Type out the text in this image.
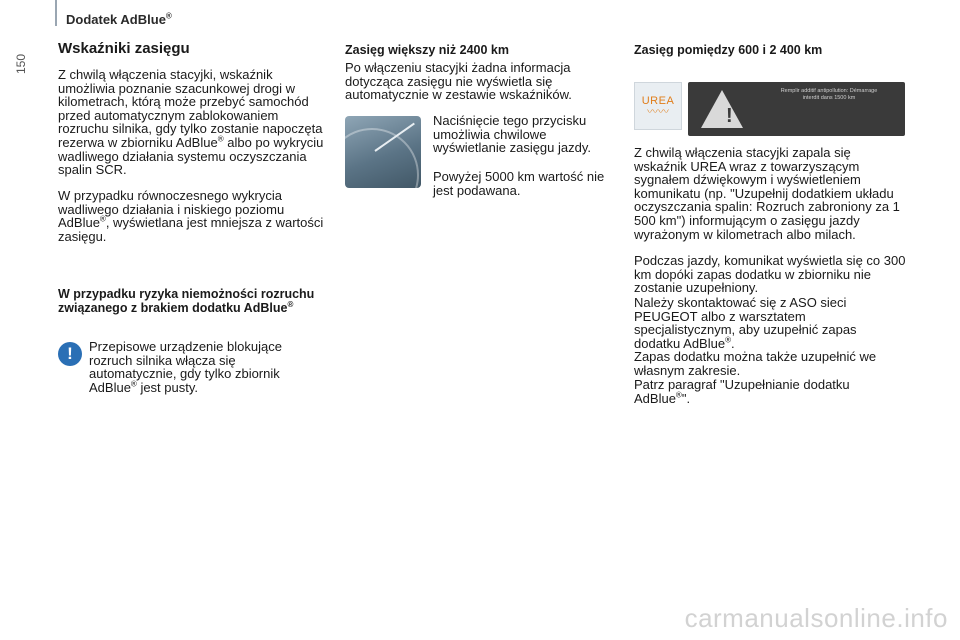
150
Dodatek AdBlue®
Wskaźniki zasięgu

Z chwilą włączenia stacyjki, wskaźnik umożliwia poznanie szacunkowej drogi w kilometrach, którą może przebyć samochód przed automatycznym zablokowaniem rozruchu silnika, gdy tylko zostanie napoczęta rezerwa w zbiorniku AdBlue® albo po wykryciu wadliwego działania systemu oczyszczania spalin SCR.

W przypadku równoczesnego wykrycia wadliwego działania i niskiego poziomu AdBlue®, wyświetlana jest mniejsza z wartości zasięgu.

W przypadku ryzyka niemożności rozruchu związanego z brakiem dodatku AdBlue®
!	Przepisowe urządzenie blokujące rozruch silnika włącza się automatycznie, gdy tylko zbiornik AdBlue® jest pusty.

Zasięg większy niż 2400 km

Po włączeniu stacyjki żadna informacja dotycząca zasięgu nie wyświetla się automatycznie w zestawie wskaźników.

Naciśnięcie tego przycisku umożliwia chwilowe wyświetlanie zasięgu jazdy.

Powyżej 5000 km wartość nie jest podawana.

Zasięg pomiędzy 600 i 2 400 km
UREA
〰〰	!
Remplir additif antipollution: Démarrage interdit dans 1500 km

Z chwilą włączenia stacyjki zapala się wskaźnik UREA wraz z towarzyszącym sygnałem dźwiękowym i wyświetleniem komunikatu (np. "Uzupełnij dodatkiem układu oczyszczania spalin: Rozruch zabroniony za 1 500 km") informującym o zasięgu jazdy wyrażonym w kilometrach albo milach.

Podczas jazdy, komunikat wyświetla się co 300 km dopóki zapas dodatku w zbiorniku nie zostanie uzupełniony.

Należy skontaktować się z ASO sieci PEUGEOT albo z warsztatem specjalistycznym, aby uzupełnić zapas dodatku AdBlue®.

Zapas dodatku można także uzupełnić we własnym zakresie.

Patrz paragraf "Uzupełnianie dodatku AdBlue®".

carmanualsonline.info
